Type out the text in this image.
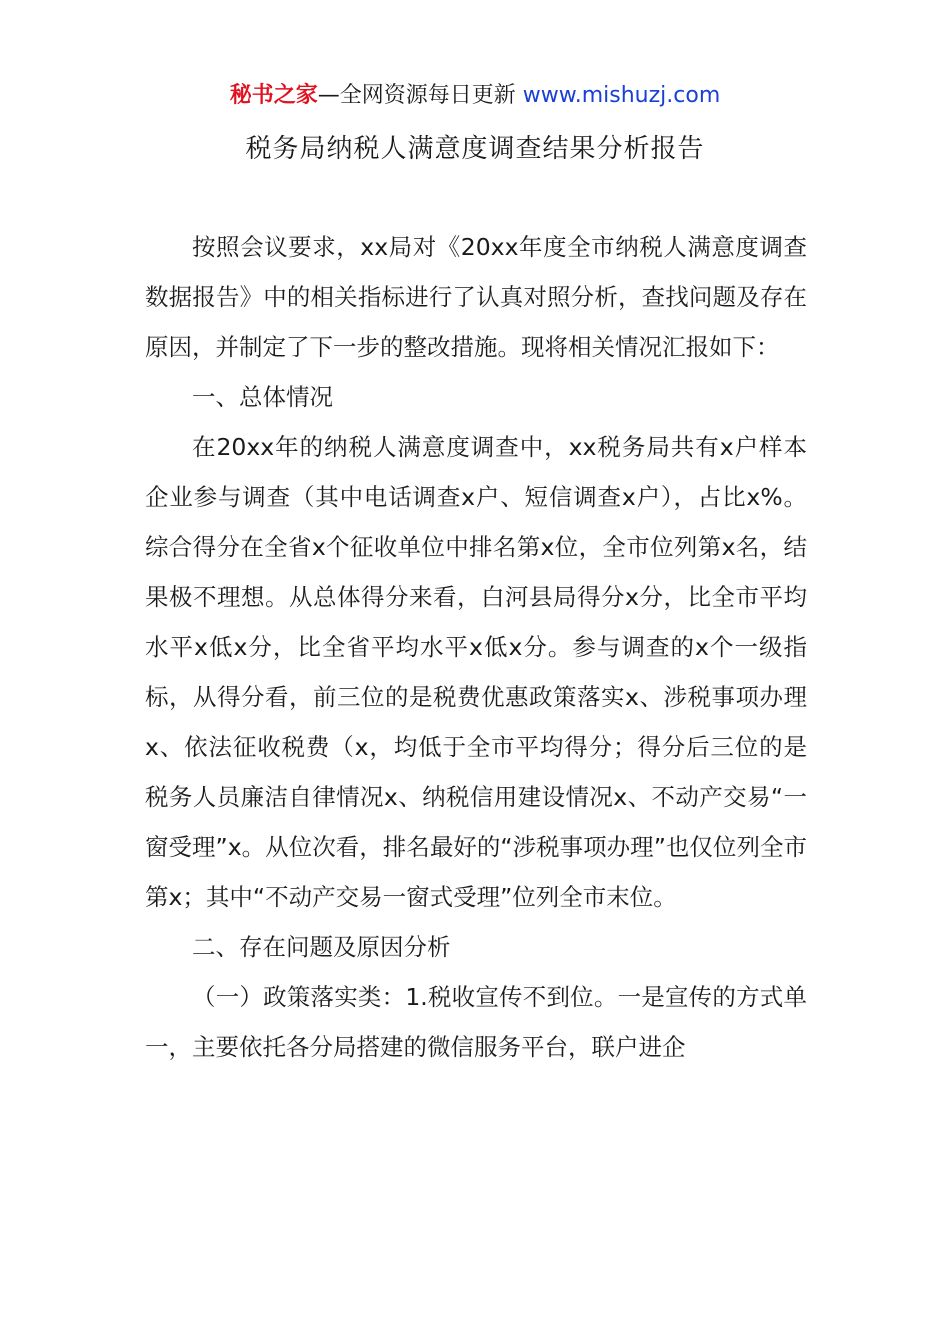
秘书之家—全网资源每日更新 www.mishuzj.com
税务局纳税人满意度调查结果分析报告

按照会议要求，xx局对《20xx年度全市纳税人满意度调查数据报告》中的相关指标进行了认真对照分析，查找问题及存在原因，并制定了下一步的整改措施。现将相关情况汇报如下：

一、总体情况

在20xx年的纳税人满意度调查中，xx税务局共有x户样本企业参与调查（其中电话调查x户、短信调查x户），占比x%。综合得分在全省x个征收单位中排名第x位，全市位列第x名，结果极不理想。从总体得分来看，白河县局得分x分，比全市平均水平x低x分，比全省平均水平x低x分。参与调查的x个一级指标，从得分看，前三位的是税费优惠政策落实x、涉税事项办理x、依法征收税费（x，均低于全市平均得分；得分后三位的是税务人员廉洁自律情况x、纳税信用建设情况x、不动产交易“一窗受理”x。从位次看，排名最好的“涉税事项办理”也仅位列全市第x；其中“不动产交易一窗式受理”位列全市末位。

二、存在问题及原因分析

（一）政策落实类：1.税收宣传不到位。一是宣传的方式单一，主要依托各分局搭建的微信服务平台，联户进企
